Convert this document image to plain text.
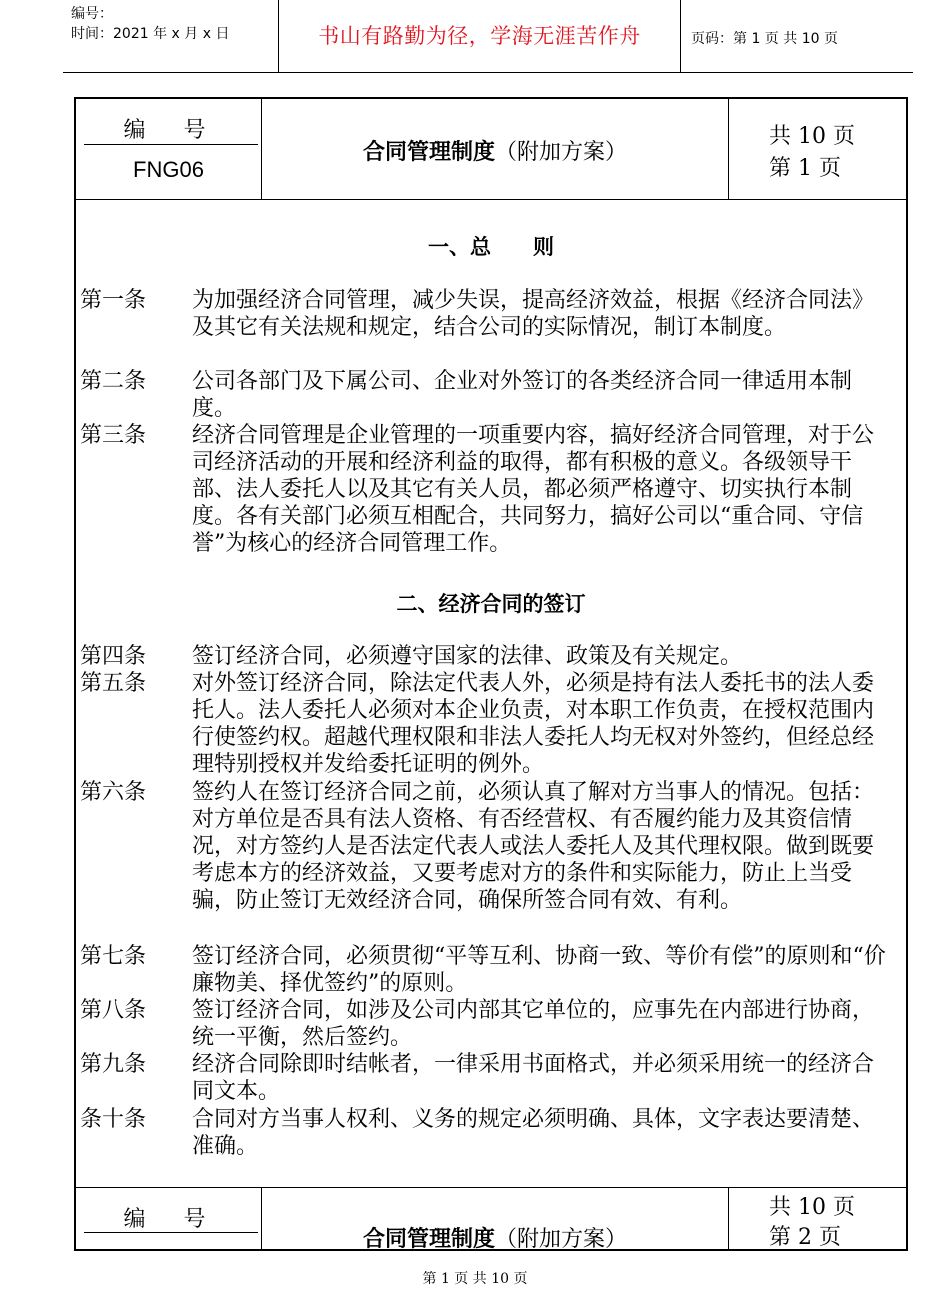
编号：
时间：2021 年 x 月 x 日	书山有路勤为径，学海无涯苦作舟	页码：第 1 页 共 10 页
编号
FNG06
合同管理制度（附加方案）
共 10 页
第 1 页
一、总　　则
第一条 为加强经济合同管理，减少失误，提高经济效益，根据《经济合同法》及其它有关法规和规定，结合公司的实际情况，制订本制度。
第二条 公司各部门及下属公司、企业对外签订的各类经济合同一律适用本制度。
第三条 经济合同管理是企业管理的一项重要内容，搞好经济合同管理，对于公司经济活动的开展和经济利益的取得，都有积极的意义。各级领导干部、法人委托人以及其它有关人员，都必须严格遵守、切实执行本制度。各有关部门必须互相配合，共同努力，搞好公司以“重合同、守信誉”为核心的经济合同管理工作。
二、经济合同的签订
第四条 签订经济合同，必须遵守国家的法律、政策及有关规定。
第五条 对外签订经济合同，除法定代表人外，必须是持有法人委托书的法人委托人。法人委托人必须对本企业负责，对本职工作负责，在授权范围内行使签约权。超越代理权限和非法人委托人均无权对外签约，但经总经理特别授权并发给委托证明的例外。
第六条 签约人在签订经济合同之前，必须认真了解对方当事人的情况。包括：对方单位是否具有法人资格、有否经营权、有否履约能力及其资信情况，对方签约人是否法定代表人或法人委托人及其代理权限。做到既要考虑本方的经济效益，又要考虑对方的条件和实际能力，防止上当受骗，防止签订无效经济合同，确保所签合同有效、有利。
第七条 签订经济合同，必须贯彻“平等互利、协商一致、等价有偿”的原则和“价廉物美、择优签约”的原则。
第八条 签订经济合同，如涉及公司内部其它单位的，应事先在内部进行协商，统一平衡，然后签约。
第九条 经济合同除即时结帐者，一律采用书面格式，并必须采用统一的经济合同文本。
条十条 合同对方当事人权利、义务的规定必须明确、具体，文字表达要清楚、准确。
编号
合同管理制度（附加方案）
共 10 页
第 2 页
第 1 页 共 10 页
